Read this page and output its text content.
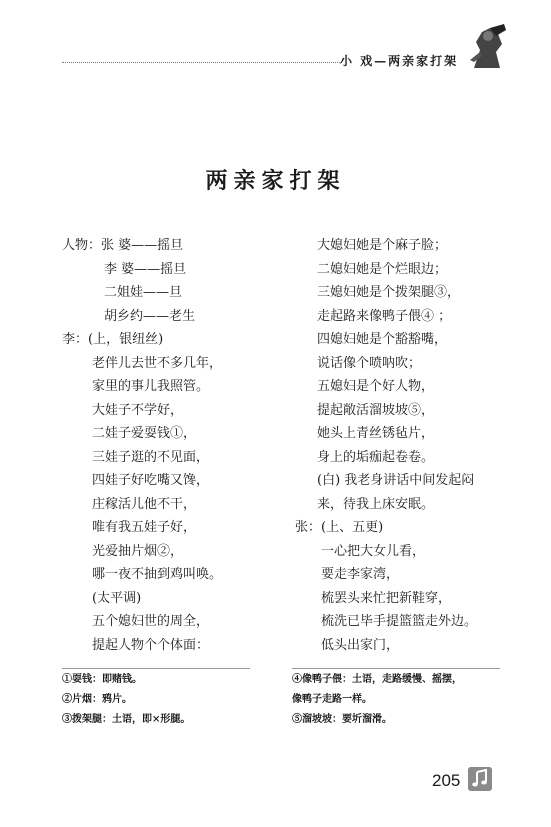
小 戏—两亲家打架
两亲家打架
人物：张 婆——摇旦
李 婆——摇旦
二姐娃——旦
胡乡约——老生
李：(上，银纽丝)
老伴儿去世不多几年，
家里的事儿我照管。
大娃子不学好，
二娃子爱耍钱①，
三娃子逛的不见面，
四娃子好吃嘴又馋，
庄稼活儿他不干，
唯有我五娃子好，
光爱抽片烟②，
哪一夜不抽到鸡叫唤。
(太平调)
五个媳妇世的周全，
提起人物个个体面：
大媳妇她是个麻子脸；
二媳妇她是个烂眼边；
三媳妇她是个拨架腿③，
走起路来像鸭子偎④ ；
四媳妇她是个豁豁嘴，
说话像个喷呐吹；
五媳妇是个好人物，
提起敞活溜坡坡⑤，
她头上青丝锈毡片，
身上的垢痂起卷卷。
(白) 我老身讲话中间发起闷
来，待我上床安眠。
张：(上、五更)
一心把大女儿看，
要走李家湾，
梳罢头来忙把新鞋穿，
梳洗已毕手提篮篮走外边。
低头出家门，
①耍钱：即赌钱。
②片烟：鸦片。
③拨架腿：土语，即×形腿。
④像鸭子偎：土语，走路缓慢、摇摆，
像鸭子走路一样。
⑤溜坡坡：要圻溜滑。
205
